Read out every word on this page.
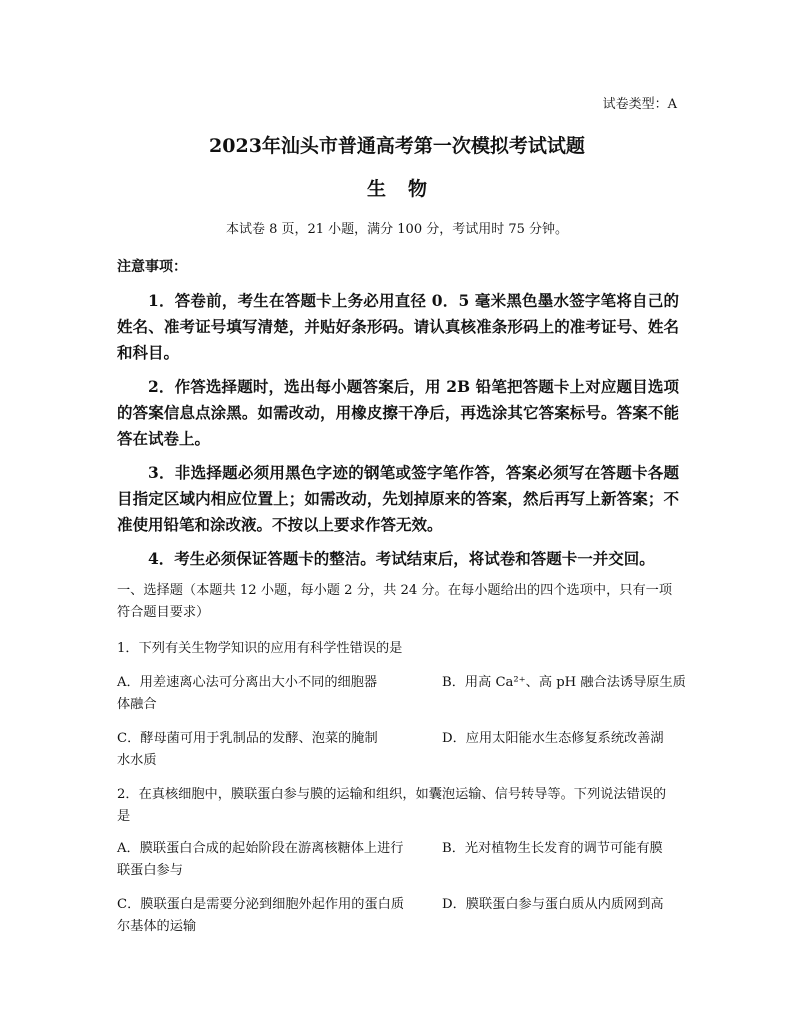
试卷类型：A
2023年汕头市普通高考第一次模拟考试试题
生物
本试卷 8 页，21 小题，满分 100 分，考试用时 75 分钟。
注意事项：

1．答卷前，考生在答题卡上务必用直径 0．5 毫米黑色墨水签字笔将自己的姓名、准考证号填写清楚，并贴好条形码。请认真核准条形码上的准考证号、姓名和科目。

2．作答选择题时，选出每小题答案后，用 2B 铅笔把答题卡上对应题目选项的答案信息点涂黑。如需改动，用橡皮擦干净后，再选涂其它答案标号。答案不能答在试卷上。

3．非选择题必须用黑色字迹的钢笔或签字笔作答，答案必须写在答题卡各题目指定区域内相应位置上；如需改动，先划掉原来的答案，然后再写上新答案；不准使用铅笔和涂改液。不按以上要求作答无效。

4．考生必须保证答题卡的整洁。考试结束后，将试卷和答题卡一并交回。

一、选择题（本题共 12 小题，每小题 2 分，共 24 分。在每小题给出的四个选项中，只有一项符合题目要求）
1．下列有关生物学知识的应用有科学性错误的是
A．用差速离心法可分离出大小不同的细胞器	B．用高 Ca²⁺、高 pH 融合法诱导原生质
体融合
C．酵母菌可用于乳制品的发酵、泡菜的腌制	D．应用太阳能水生态修复系统改善湖
水水质
2．在真核细胞中，膜联蛋白参与膜的运输和组织，如囊泡运输、信号转导等。下列说法错误的
是
A．膜联蛋白合成的起始阶段在游离核糖体上进行	B．光对植物生长发育的调节可能有膜
联蛋白参与
C．膜联蛋白是需要分泌到细胞外起作用的蛋白质	D．膜联蛋白参与蛋白质从内质网到高
尔基体的运输
